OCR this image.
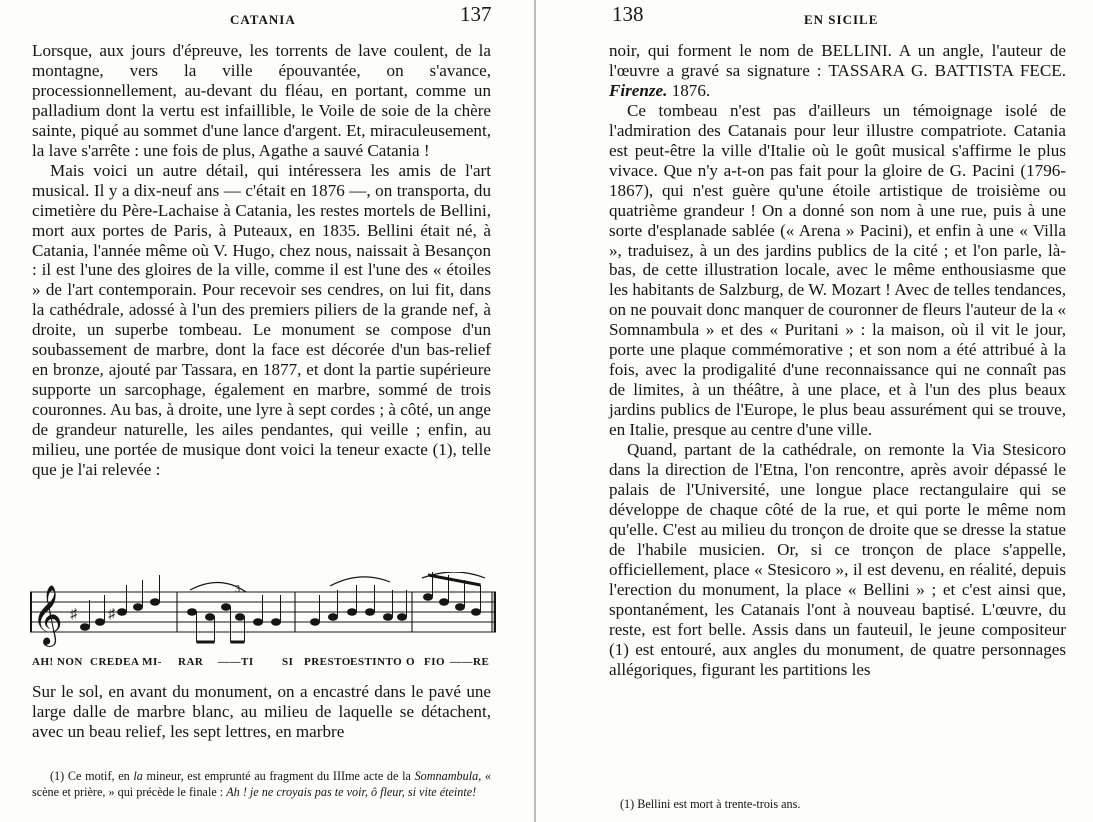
CATANIA	137

Lorsque, aux jours d'épreuve, les torrents de lave coulent, de la montagne, vers la ville épouvantée, on s'avance, processionnellement, au-devant du fléau, en portant, comme un palladium dont la vertu est infaillible, le Voile de soie de la chère sainte, piqué au sommet d'une lance d'argent. Et, miraculeusement, la lave s'arrête : une fois de plus, Agathe a sauvé Catania !

Mais voici un autre détail, qui intéressera les amis de l'art musical. Il y a dix-neuf ans — c'était en 1876 —, on transporta, du cimetière du Père-Lachaise à Catania, les restes mortels de Bellini, mort aux portes de Paris, à Puteaux, en 1835. Bellini était né, à Catania, l'année même où V. Hugo, chez nous, naissait à Besançon : il est l'une des gloires de la ville, comme il est l'une des « étoiles » de l'art contemporain. Pour recevoir ses cendres, on lui fit, dans la cathédrale, adossé à l'un des premiers piliers de la grande nef, à droite, un superbe tombeau. Le monument se compose d'un soubassement de marbre, dont la face est décorée d'un bas-relief en bronze, ajouté par Tassara, en 1877, et dont la partie supérieure supporte un sarcophage, également en marbre, sommé de trois couronnes. Au bas, à droite, une lyre à sept cordes ; à côté, un ange de grandeur naturelle, les ailes pendantes, qui veille ; enfin, au milieu, une portée de musique dont voici la teneur exacte (1), telle que je l'ai relevée :

𝄞 ♯ ♯
3
AH! NON CREDEA MI- RAR ——TI	SI PRESTO ESTINTO O FIO ——RE

Sur le sol, en avant du monument, on a encastré dans le pavé une large dalle de marbre blanc, au milieu de laquelle se détachent, avec un beau relief, les sept lettres, en marbre

(1) Ce motif, en la mineur, est emprunté au fragment du IIIme acte de la Somnambula, « scène et prière, » qui précède le finale : Ah ! je ne croyais pas te voir, ô fleur, si vite éteinte!

138	EN SICILE

noir, qui forment le nom de BELLINI. A un angle, l'auteur de l'œuvre a gravé sa signature : TASSARA G. BATTISTA FECE. Firenze. 1876.

Ce tombeau n'est pas d'ailleurs un témoignage isolé de l'admiration des Catanais pour leur illustre compatriote. Catania est peut-être la ville d'Italie où le goût musical s'affirme le plus vivace. Que n'y a-t-on pas fait pour la gloire de G. Pacini (1796-1867), qui n'est guère qu'une étoile artistique de troisième ou quatrième grandeur ! On a donné son nom à une rue, puis à une sorte d'esplanade sablée (« Arena » Pacini), et enfin à une « Villa », traduisez, à un des jardins publics de la cité ; et l'on parle, là-bas, de cette illustration locale, avec le même enthousiasme que les habitants de Salzburg, de W. Mozart ! Avec de telles tendances, on ne pouvait donc manquer de couronner de fleurs l'auteur de la « Somnambula » et des « Puritani » : la maison, où il vit le jour, porte une plaque commémorative ; et son nom a été attribué à la fois, avec la prodigalité d'une reconnaissance qui ne connaît pas de limites, à un théâtre, à une place, et à l'un des plus beaux jardins publics de l'Europe, le plus beau assurément qui se trouve, en Italie, presque au centre d'une ville.

Quand, partant de la cathédrale, on remonte la Via Stesicoro dans la direction de l'Etna, l'on rencontre, après avoir dépassé le palais de l'Université, une longue place rectangulaire qui se développe de chaque côté de la rue, et qui porte le même nom qu'elle. C'est au milieu du tronçon de droite que se dresse la statue de l'habile musicien. Or, si ce tronçon de place s'appelle, officiellement, place « Stesicoro », il est devenu, en réalité, depuis l'erection du monument, la place « Bellini » ; et c'est ainsi que, spontanément, les Catanais l'ont à nouveau baptisé. L'œuvre, du reste, est fort belle. Assis dans un fauteuil, le jeune compositeur (1) est entouré, aux angles du monument, de quatre personnages allégoriques, figurant les partitions les

(1) Bellini est mort à trente-trois ans.
